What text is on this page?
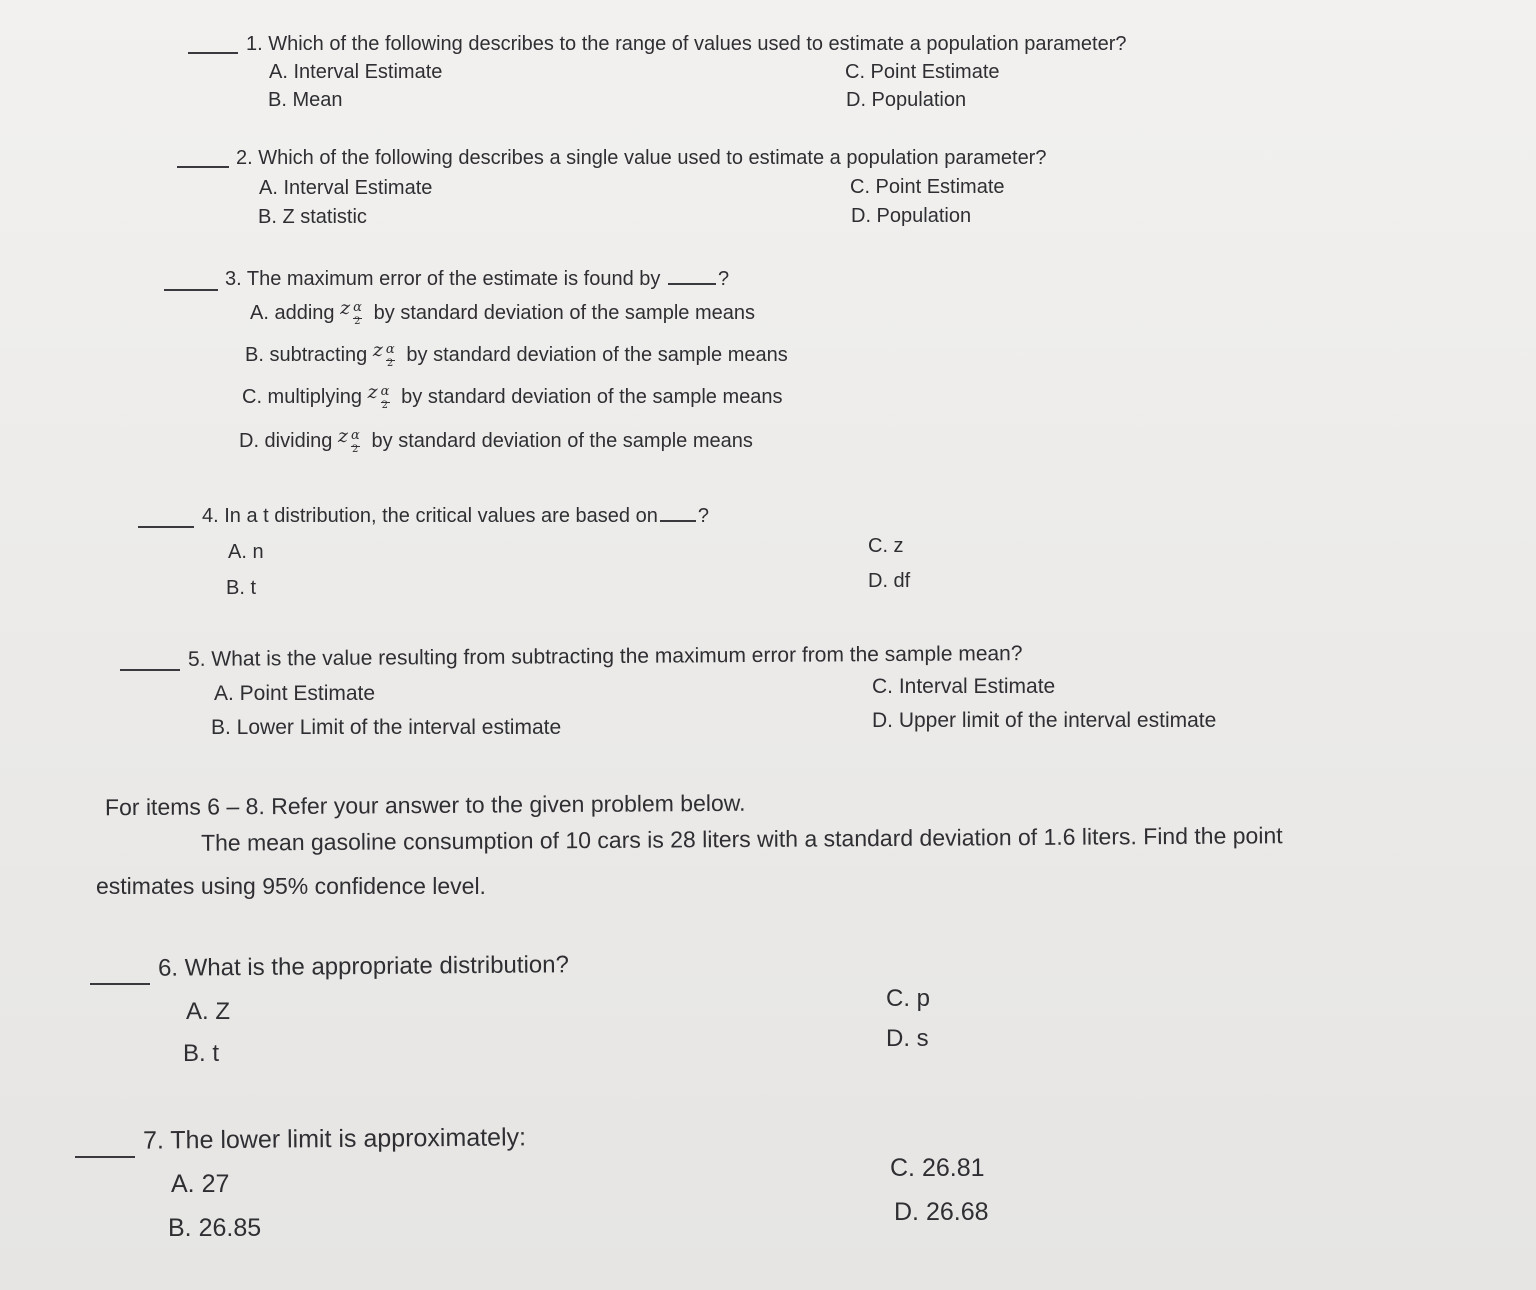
1. Which of the following describes to the range of values used to estimate a population parameter?
A. Interval Estimate
B. Mean
C. Point Estimate
D. Population
2. Which of the following describes a single value used to estimate a population parameter?
A. Interval Estimate
B. Z statistic
C. Point Estimate
D. Population
3. The maximum error of the estimate is found by	?
A. adding z α
2 by standard deviation of the sample means
B. subtracting z α
2 by standard deviation of the sample means
C. multiplying z α
2 by standard deviation of the sample means
D. dividing z α
2 by standard deviation of the sample means
4. In a t distribution, the critical values are based on ?
A. n
B. t
C. z
D. df
5. What is the value resulting from subtracting the maximum error from the sample mean?
A. Point Estimate
B. Lower Limit of the interval estimate
C. Interval Estimate
D. Upper limit of the interval estimate
For items 6 – 8. Refer your answer to the given problem below.
The mean gasoline consumption of 10 cars is 28 liters with a standard deviation of 1.6 liters. Find the point
estimates using 95% confidence level.
6. What is the appropriate distribution?
A. Z
B. t
C. p
D. s
7. The lower limit is approximately:
A. 27
B. 26.85
C. 26.81
D. 26.68
